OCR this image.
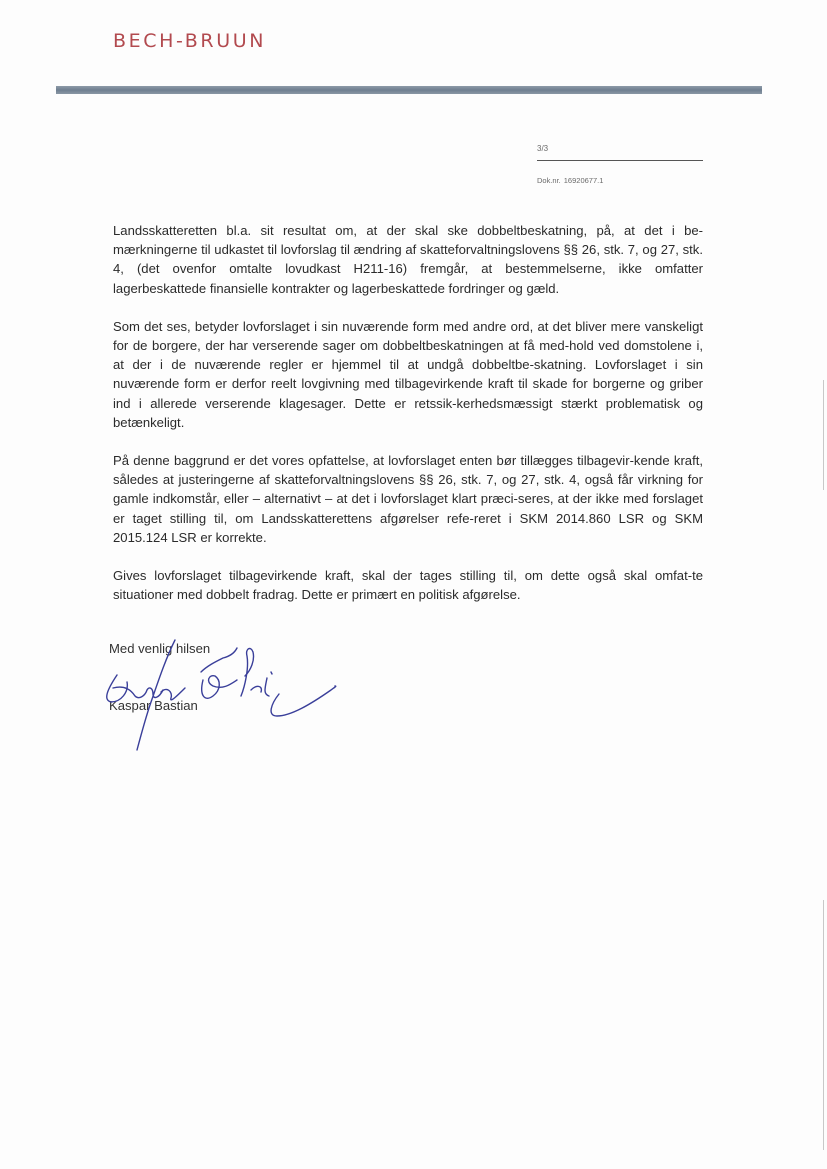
BECH-BRUUN
3/3
Dok.nr. 16920677.1

Landsskatteretten bl.a. sit resultat om, at der skal ske dobbeltbeskatning, på, at det i be-mærkningerne til udkastet til lovforslag til ændring af skatteforvaltningslovens §§ 26, stk. 7, og 27, stk. 4, (det ovenfor omtalte lovudkast H211-16) fremgår, at bestemmelserne, ikke omfatter lagerbeskattede finansielle kontrakter og lagerbeskattede fordringer og gæld.

Som det ses, betyder lovforslaget i sin nuværende form med andre ord, at det bliver mere vanskeligt for de borgere, der har verserende sager om dobbeltbeskatningen at få med-hold ved domstolene i, at der i de nuværende regler er hjemmel til at undgå dobbeltbe-skatning. Lovforslaget i sin nuværende form er derfor reelt lovgivning med tilbagevirkende kraft til skade for borgerne og griber ind i allerede verserende klagesager. Dette er retssik-kerhedsmæssigt stærkt problematisk og betænkeligt.

På denne baggrund er det vores opfattelse, at lovforslaget enten bør tillægges tilbagevir-kende kraft, således at justeringerne af skatteforvaltningslovens §§ 26, stk. 7, og 27, stk. 4, også får virkning for gamle indkomstår, eller – alternativt – at det i lovforslaget klart præci-seres, at der ikke med forslaget er taget stilling til, om Landsskatterettens afgørelser refe-reret i SKM 2014.860 LSR og SKM 2015.124 LSR er korrekte.

Gives lovforslaget tilbagevirkende kraft, skal der tages stilling til, om dette også skal omfat-te situationer med dobbelt fradrag. Dette er primært en politisk afgørelse.

Med venlig hilsen
Kaspar Bastian
